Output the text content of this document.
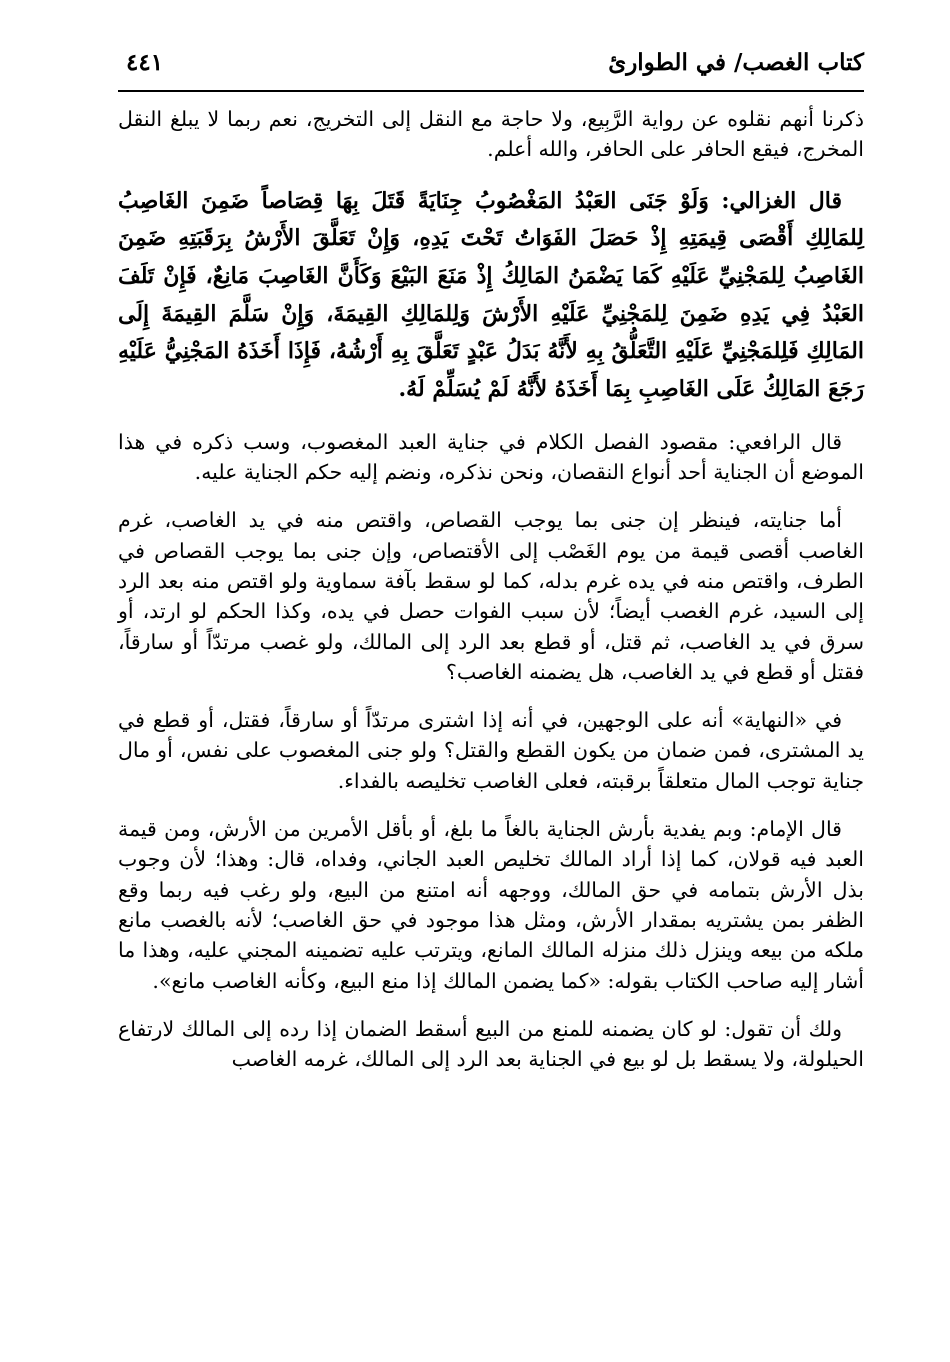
كتاب الغصب/ في الطوارئ
٤٤١

ذكرنا أنهم نقلوه عن رواية الرَّبِيع، ولا حاجة مع النقل إلى التخريج، نعم ربما لا يبلغ النقل المخرج، فيقع الحافر على الحافر، والله أعلم.

قال الغزالي: وَلَوْ جَنَى العَبْدُ المَغْصُوبُ جِنَايَةً قَتَلَ بِهَا قِصَاصاً ضَمِنَ الغَاصِبُ لِلمَالِكِ أَقْصَى قِيمَتِهِ إِذْ حَصَلَ الفَوَاتُ تَحْتَ يَدِهِ، وَإِنْ تَعَلَّقَ الأَرْشُ بِرَقَبَتِهِ ضَمِنَ الغَاصِبُ لِلمَجْنِيِّ عَلَيْهِ كَمَا يَضْمَنُ المَالِكُ إِذْ مَنَعَ البَيْعَ وَكَأَنَّ الغَاصِبَ مَانِعٌ، فَإِنْ تَلَفَ العَبْدُ فِي يَدِهِ ضَمِنَ لِلمَجْنِيِّ عَلَيْهِ الأَرْشَ وَلِلمَالِكِ القِيمَةَ، وَإِنْ سَلَّمَ القِيمَةَ إِلَى المَالِكِ فَلِلمَجْنِيِّ عَلَيْهِ التَّعَلُّقُ بِهِ لأَنَّهُ بَدَلُ عَبْدٍ تَعَلَّقَ بِهِ أَرْشُهُ، فَإِذَا أَخَذَهُ المَجْنِيُّ عَلَيْهِ رَجَعَ المَالِكُ عَلَى الغَاصِبِ بِمَا أَخَذَهُ لأَنَّهُ لَمْ يُسَلِّمْ لَهُ.

قال الرافعي: مقصود الفصل الكلام في جناية العبد المغصوب، وسب ذكره في هذا الموضع أن الجناية أحد أنواع النقصان، ونحن نذكره، ونضم إليه حكم الجناية عليه.

أما جنايته، فينظر إن جنى بما يوجب القصاص، واقتص منه في يد الغاصب، غرم الغاصب أقصى قيمة من يوم الغَصْب إلى الأقتصاص، وإن جنى بما يوجب القصاص في الطرف، واقتص منه في يده غرم بدله، كما لو سقط بآفة سماوية ولو اقتص منه بعد الرد إلى السيد، غرم الغصب أيضاً؛ لأن سبب الفوات حصل في يده، وكذا الحكم لو ارتد، أو سرق في يد الغاصب، ثم قتل، أو قطع بعد الرد إلى المالك، ولو غصب مرتدّاً أو سارقاً، فقتل أو قطع في يد الغاصب، هل يضمنه الغاصب؟

في «النهاية» أنه على الوجهين، في أنه إذا اشترى مرتدّاً أو سارقاً، فقتل، أو قطع في يد المشترى، فمن ضمان من يكون القطع والقتل؟ ولو جنى المغصوب على نفس، أو مال جناية توجب المال متعلقاً برقبته، فعلى الغاصب تخليصه بالفداء.

قال الإمام: وبم يفدية بأرش الجناية بالغاً ما بلغ، أو بأقل الأمرين من الأرش، ومن قيمة العبد فيه قولان، كما إذا أراد المالك تخليص العبد الجاني، وفداه، قال: وهذا؛ لأن وجوب بذل الأرش بتمامه في حق المالك، ووجهه أنه امتنع من البيع، ولو رغب فيه ربما وقع الظفر بمن يشتريه بمقدار الأرش، ومثل هذا موجود في حق الغاصب؛ لأنه بالغصب مانع ملكه من بيعه وينزل ذلك منزله المالك المانع، ويترتب عليه تضمينه المجني عليه، وهذا ما أشار إليه صاحب الكتاب بقوله: «كما يضمن المالك إذا منع البيع، وكأنه الغاصب مانع».

ولك أن تقول: لو كان يضمنه للمنع من البيع أسقط الضمان إذا رده إلى المالك لارتفاع الحيلولة، ولا يسقط بل لو بيع في الجناية بعد الرد إلى المالك، غرمه الغاصب
